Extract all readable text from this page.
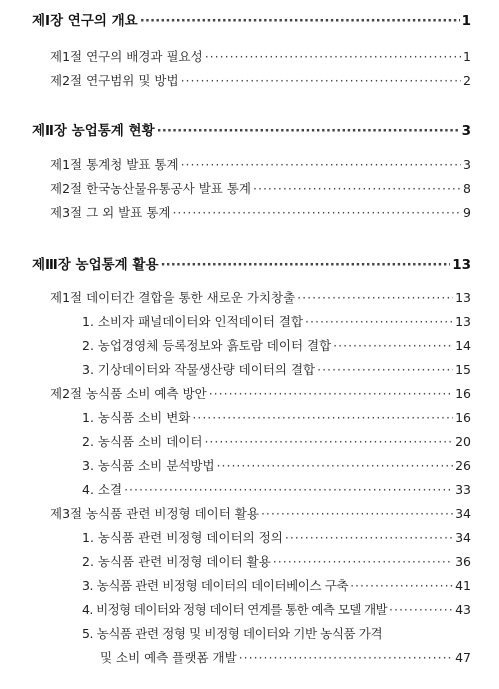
제Ⅰ장 연구의 개요 ·····	1
제1절 연구의 배경과 필요성 ·····	1
제2절 연구범위 및 방법 ·····	2
제Ⅱ장 농업통계 현황 ·····	3
제1절 통계청 발표 통계 ·····	3
제2절 한국농산물유통공사 발표 통계 ·····	8
제3절 그 외 발표 통계 ·····	9
제Ⅲ장 농업통계 활용 ·····	13
제1절 데이터간 결합을 통한 새로운 가치창출 ·····	13
1. 소비자 패널데이터와 인적데이터 결합 ·····	13
2. 농업경영체 등록정보와 흙토람 데이터 결합 ·····	14
3. 기상데이터와 작물생산량 데이터의 결합 ·····	15
제2절 농식품 소비 예측 방안 ·····	16
1. 농식품 소비 변화 ·····	16
2. 농식품 소비 데이터 ·····	20
3. 농식품 소비 분석방법 ·····	26
4. 소결 ·····	33
제3절 농식품 관련 비정형 데이터 활용 ·····	34
1. 농식품 관련 비정형 데이터의 정의 ·····	34
2. 농식품 관련 비정형 데이터 활용 ·····	36
3. 농식품 관련 비정형 데이터의 데이터베이스 구축 ·····	41
4. 비정형 데이터와 정형 데이터 연계를 통한 예측 모델 개발 ·····	43
5. 농식품 관련 정형 및 비정형 데이터와 기반 농식품 가격
및 소비 예측 플랫폼 개발 ·····	47
